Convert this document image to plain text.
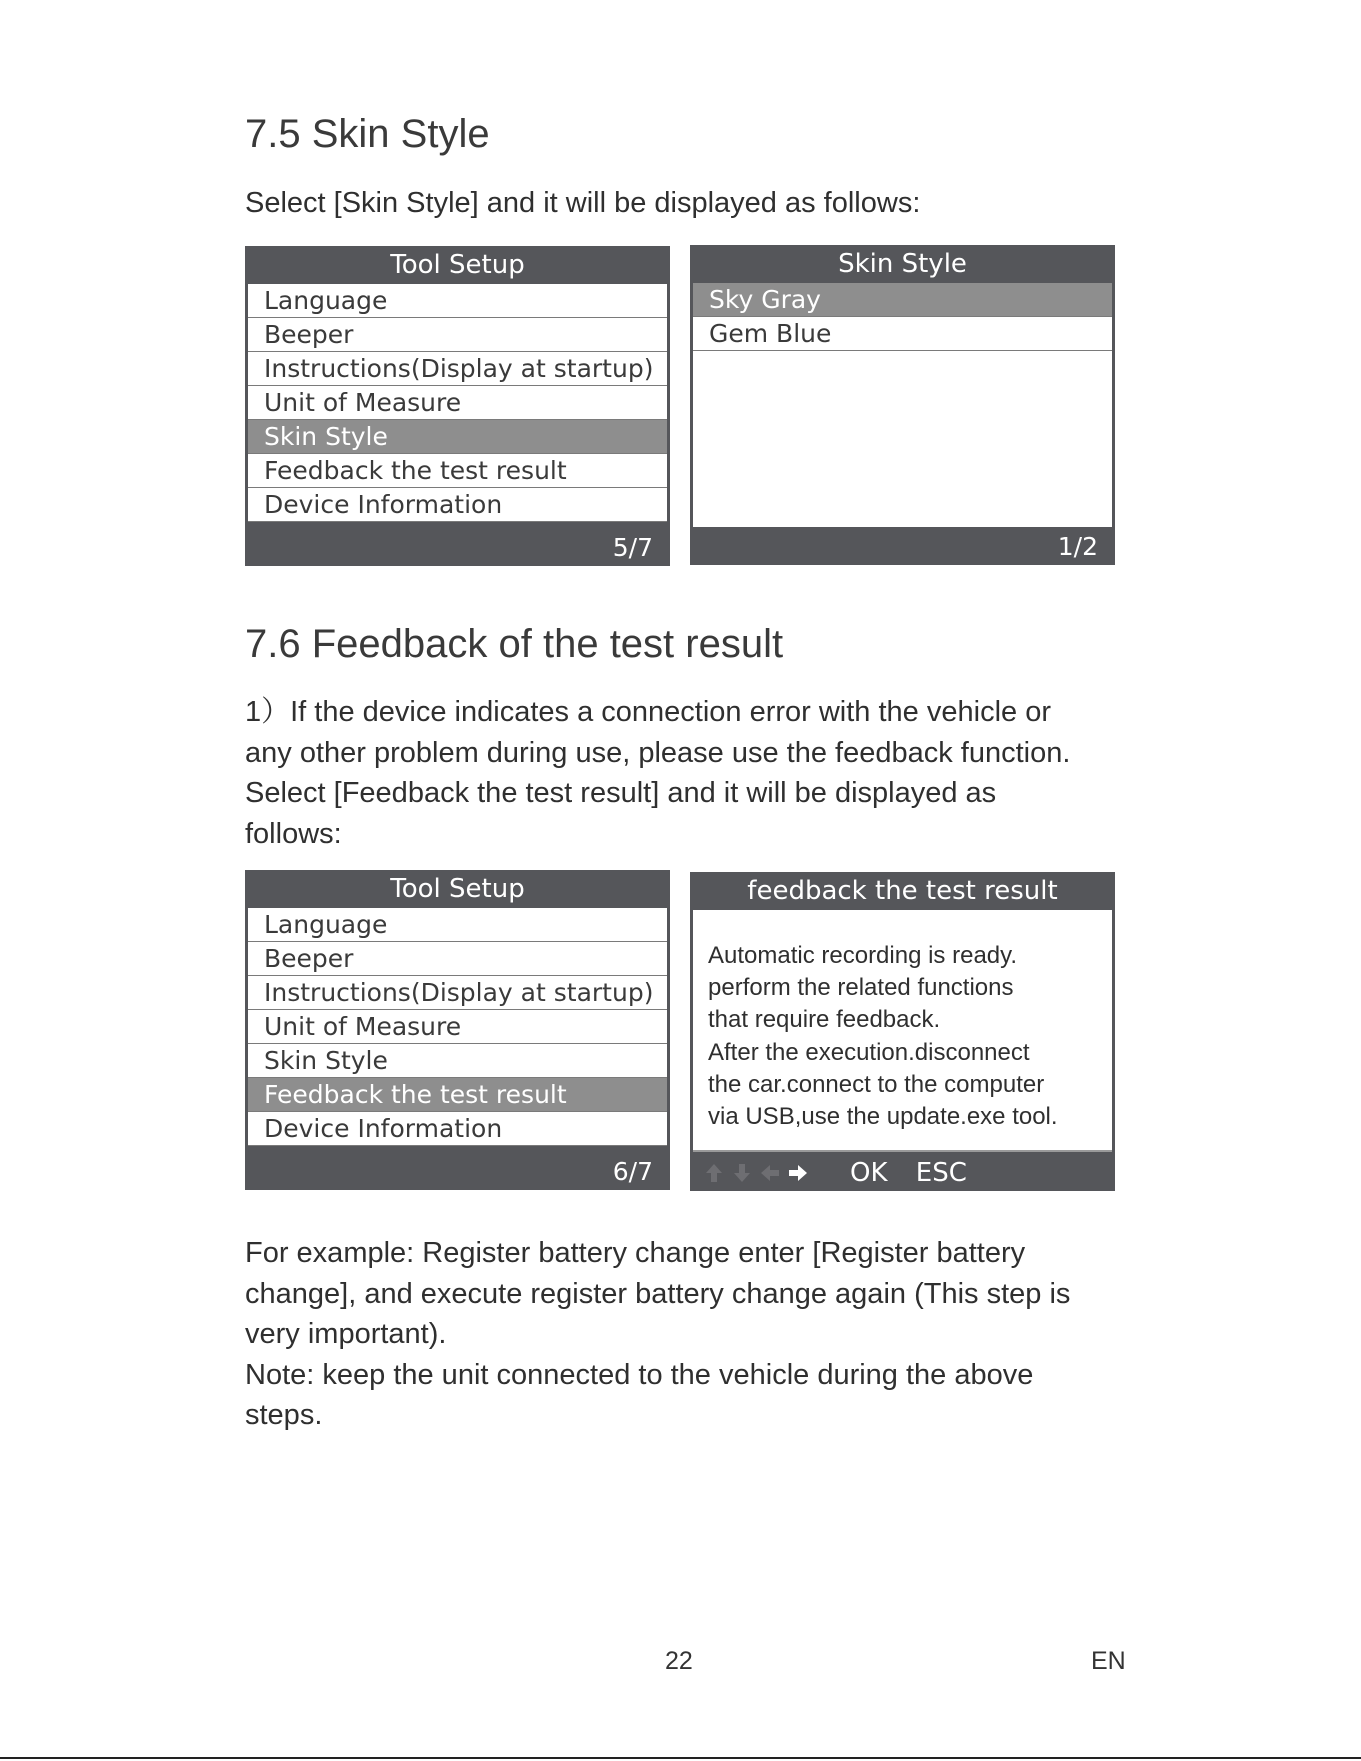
7.5 Skin Style

Select [Skin Style] and it will be displayed as follows:

Tool Setup
Language
Beeper
Instructions(Display at startup)
Unit of Measure
Skin Style
Feedback the test result
Device Information
5/7
Skin Style
Sky Gray
Gem Blue
1/2
7.6 Feedback of the test result
1）If the device indicates a connection error with the vehicle or
any other problem during use, please use the feedback function.
Select [Feedback the test result] and it will be displayed as
follows:
Tool Setup
Language
Beeper
Instructions(Display at startup)
Unit of Measure
Skin Style
Feedback the test result
Device Information
6/7
feedback the test result
Automatic recording is ready.
perform the related functions
that require feedback.
After the execution.disconnect
the car.connect to the computer
via USB,use the update.exe tool.
OK ESC
For example: Register battery change enter [Register battery
change], and execute register battery change again (This step is
very important).
Note: keep the unit connected to the vehicle during the above
steps.
22	EN
